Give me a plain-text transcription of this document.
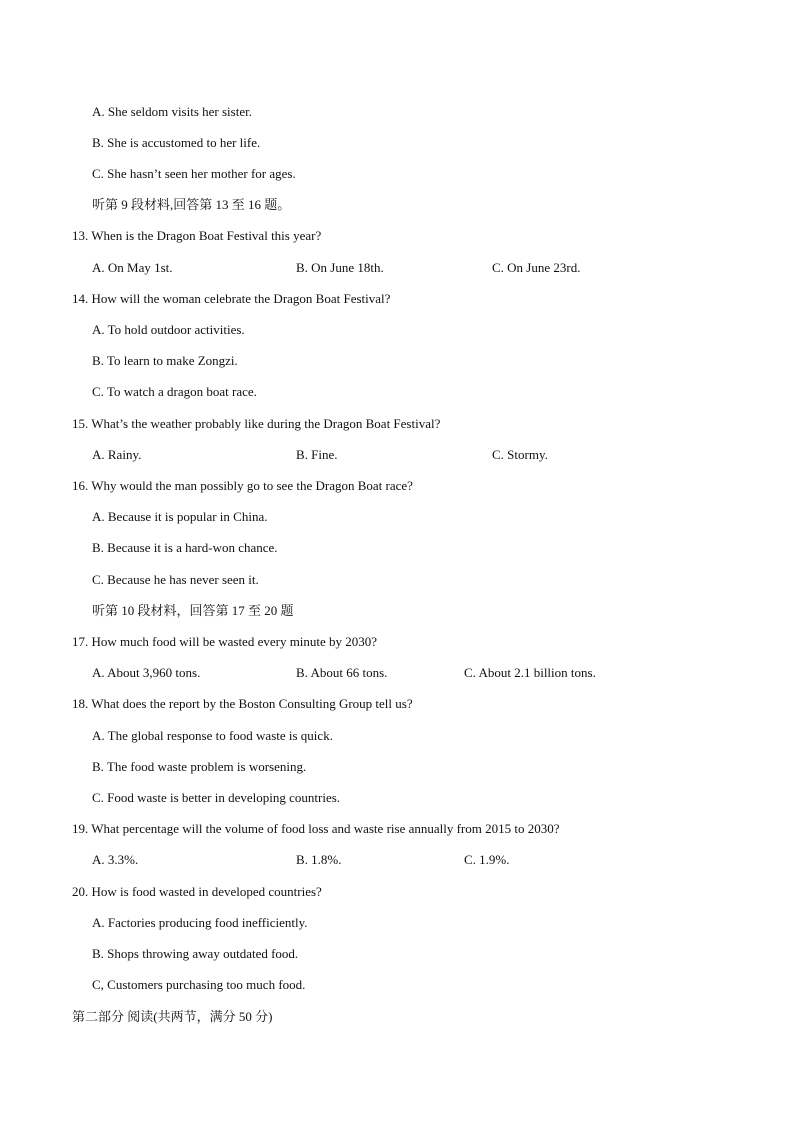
A. She seldom visits her sister.
B. She is accustomed to her life.
C. She hasn’t seen her mother for ages.
听第 9 段材料,回答第 13 至 16 题。
13. When is the Dragon Boat Festival this year?
A. On May 1st.	B. On June 18th.	C. On June 23rd.
14. How will the woman celebrate the Dragon Boat Festival?
A. To hold outdoor activities.
B. To learn to make Zongzi.
C. To watch a dragon boat race.
15. What’s the weather probably like during the Dragon Boat Festival?
A. Rainy.	B. Fine.	C. Stormy.
16. Why would the man possibly go to see the Dragon Boat race?
A. Because it is popular in China.
B. Because it is a hard-won chance.
C. Because he has never seen it.
听第 10 段材料，回答第 17 至 20 题
17. How much food will be wasted every minute by 2030?
A. About 3,960 tons.	B. About 66 tons.	C. About 2.1 billion tons.
18. What does the report by the Boston Consulting Group tell us?
A. The global response to food waste is quick.
B. The food waste problem is worsening.
C. Food waste is better in developing countries.
19. What percentage will the volume of food loss and waste rise annually from 2015 to 2030?
A. 3.3%.	B. 1.8%.	C. 1.9%.
20. How is food wasted in developed countries?
A. Factories producing food inefficiently.
B. Shops throwing away outdated food.
C, Customers purchasing too much food.
第二部分 阅读(共两节，满分 50 分)
